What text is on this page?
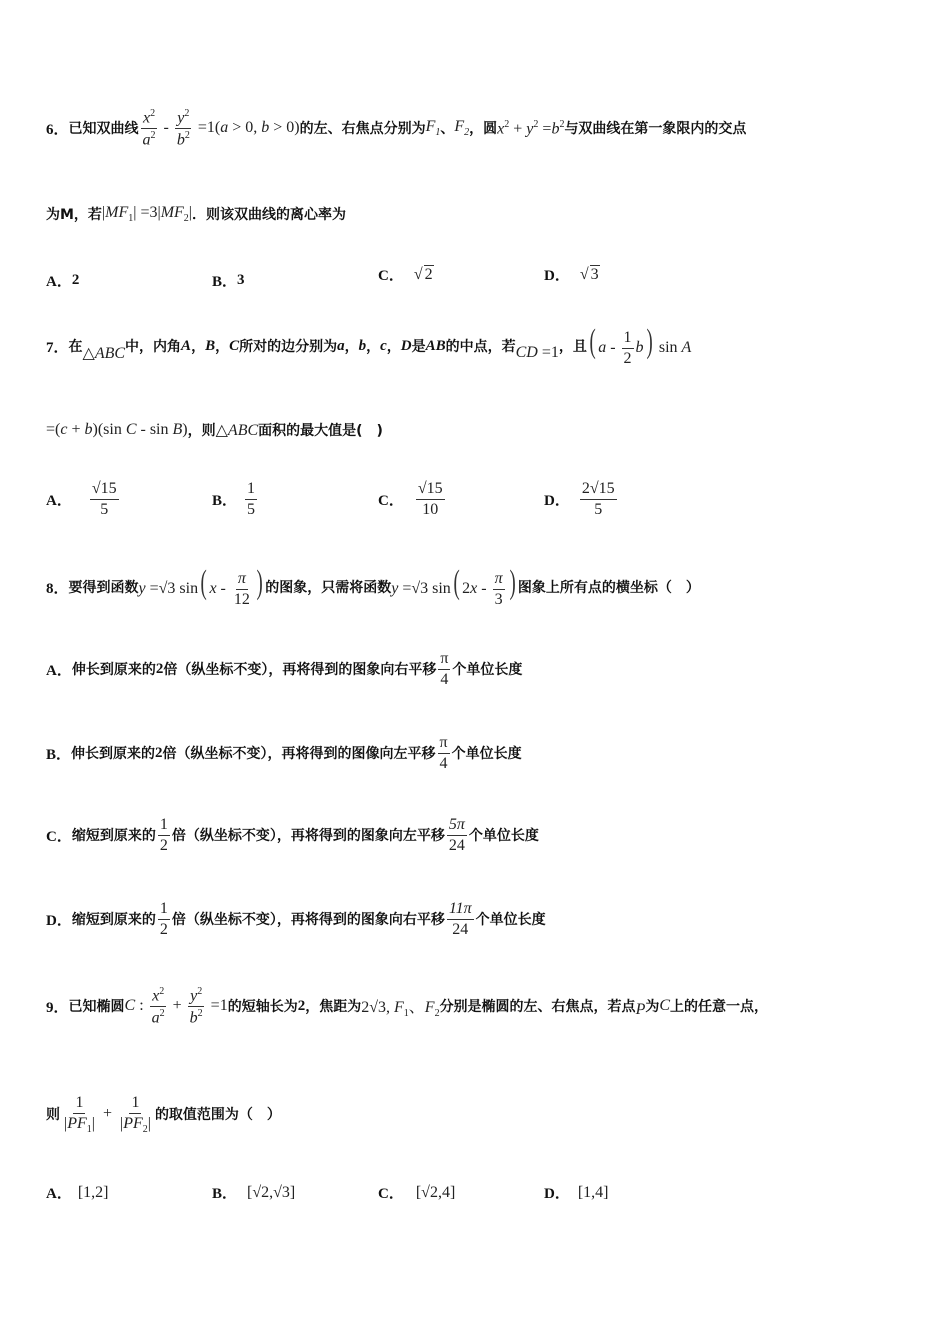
6． 已知双曲线 $\frac{x^2}{a^2} - \frac{y^2}{b^2} =1(a > 0$, b > 0) 的左、右焦点分别为 $F_1$ 、 $F_2$ ，圆 $x^2 + y^2 =b^2$ 与双曲线在第一象限内的交点
为M，若 $|MF_1| =3|MF_2|$ ．则该双曲线的离心率为
A． 2	B． 3	C． √ 2	D． √ 3
7． 在 △ABC 中，内角 A ， B ， C 所对的边分别为 a ， b ， c ， D 是 AB 的中点，若 CD =1 ，且 ( a - $\frac{1}{2} b$) sin A
=(c + b)(sin C - sin B) ，则 △ABC 面积的最大值是(　)
A． $\frac{√15}{5}$	B． $\frac{1}{5}$	C． $\frac{√15}{10}$	D． $\frac{2√15}{5}$
8． 要得到函数 y =√3 sin( x - $\frac{\pi}{12}$ ) 的图象，只需将函数 y =√3 sin( $2x - \frac{\pi}{3}$ ) 图象上所有点的横坐标（　）
A． 伸长到原来的 2 倍（纵坐标不变），再将得到的图象向右平移 $\frac{\pi}{4}$ 个单位长度
B． 伸长到原来的 2 倍（纵坐标不变），再将得到的图像向左平移 $\frac{\pi}{4}$ 个单位长度
C． 缩短到原来的 $\frac{1}{2}$ 倍（纵坐标不变），再将得到的图象向左平移 $\frac{5\pi}{24}$ 个单位长度
D． 缩短到原来的 $\frac{1}{2}$ 倍（纵坐标不变），再将得到的图象向右平移 $\frac{11\pi}{24}$ 个单位长度
9． 已知椭圆 C : $\frac{x^2}{a^2} + \frac{y^2}{b^2} =1$ 的短轴长为 2 ，焦距为 2√3, $F_1$、$F_2$ 分别是椭圆的左、右焦点，若点 P 为 C 上的任意一点，
则 $\frac{1}{|PF_1|} + \frac{1}{|PF_2|}$ 的取值范围为（　）
A． [1,2]	B． [√2,√3]	C． [√2,4]	D． [1,4]
